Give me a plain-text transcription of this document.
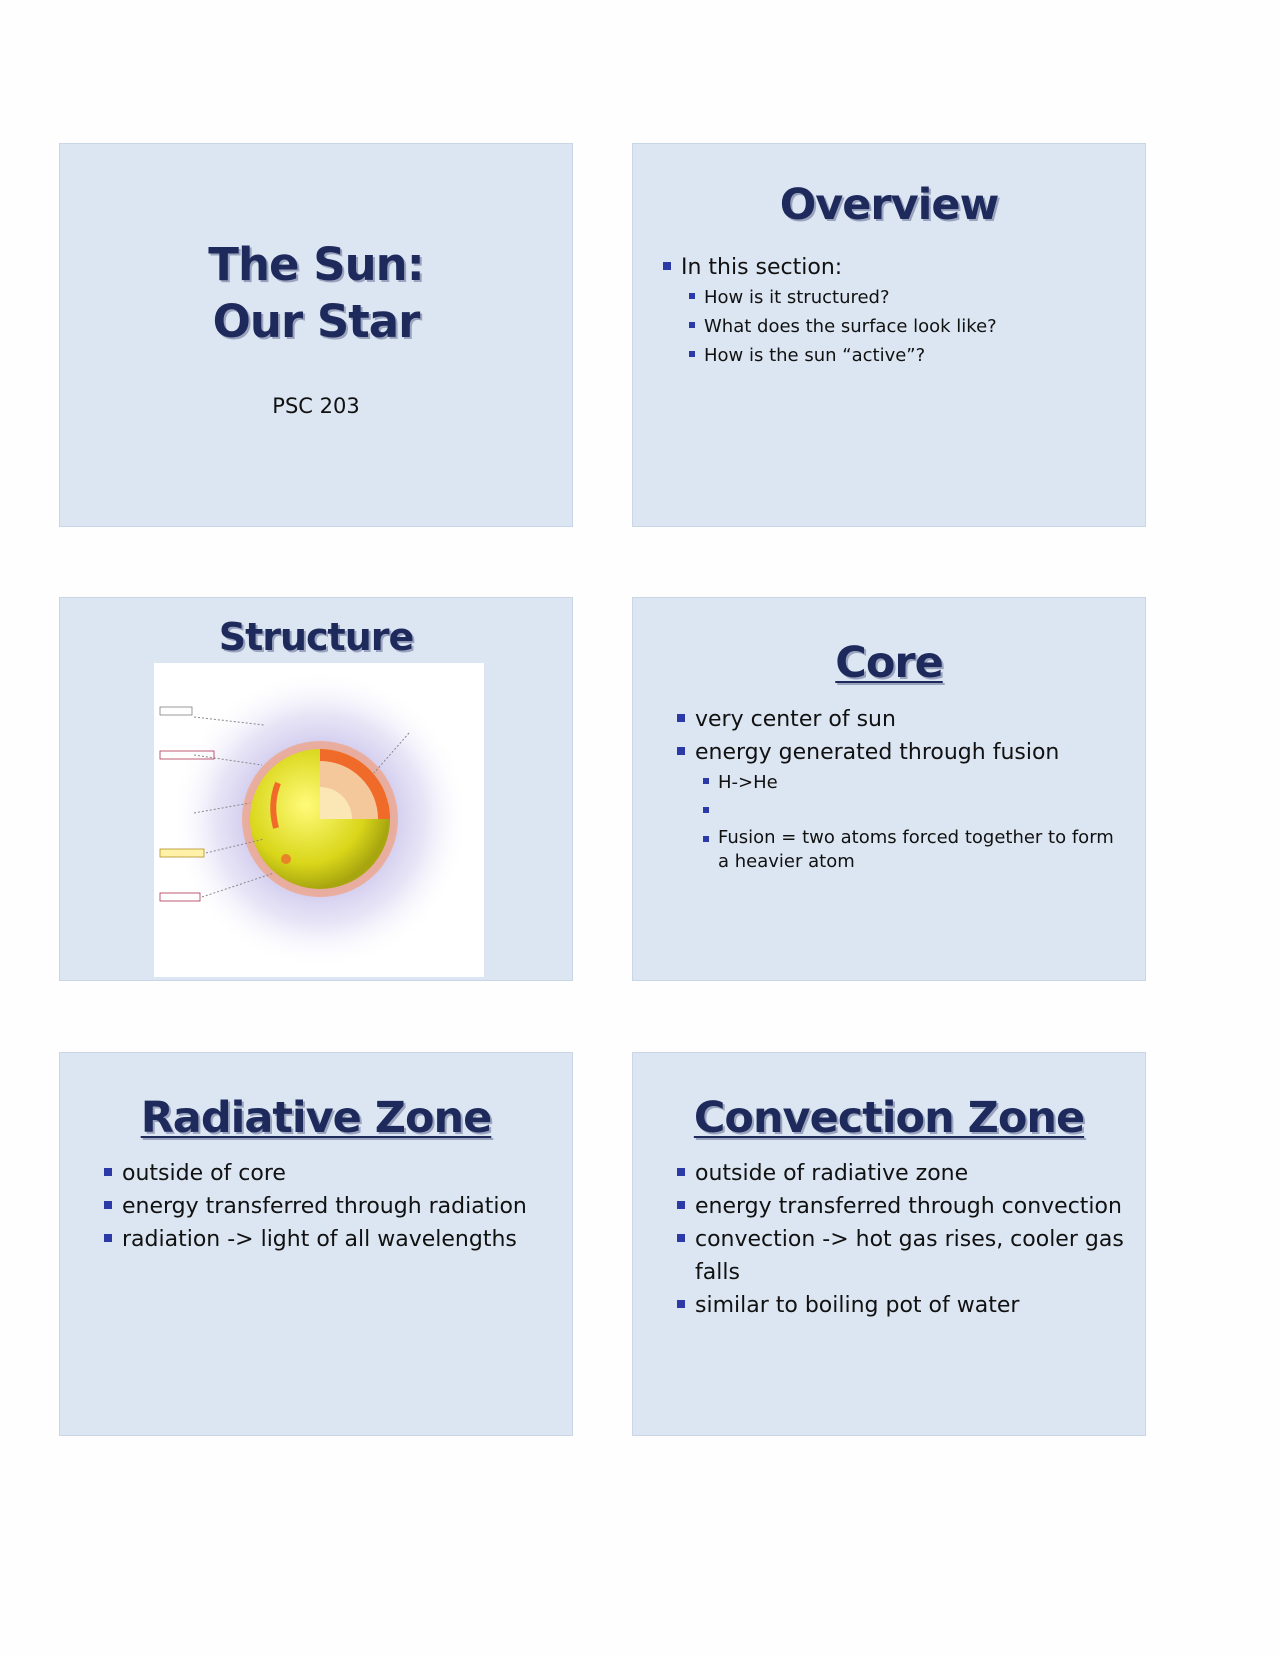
The Sun:
Our Star
PSC 203
Overview
In this section:
How is it structured?
What does the surface look like?
How is the sun “active”?
Structure
Core
very center of sun
energy generated through fusion
H->He
Fusion = two atoms forced together to form
a heavier atom
Radiative Zone
outside of core
energy transferred through radiation
radiation -> light of all wavelengths
Convection Zone
outside of radiative zone
energy transferred through convection
convection -> hot gas rises, cooler gas falls
similar to boiling pot of water
